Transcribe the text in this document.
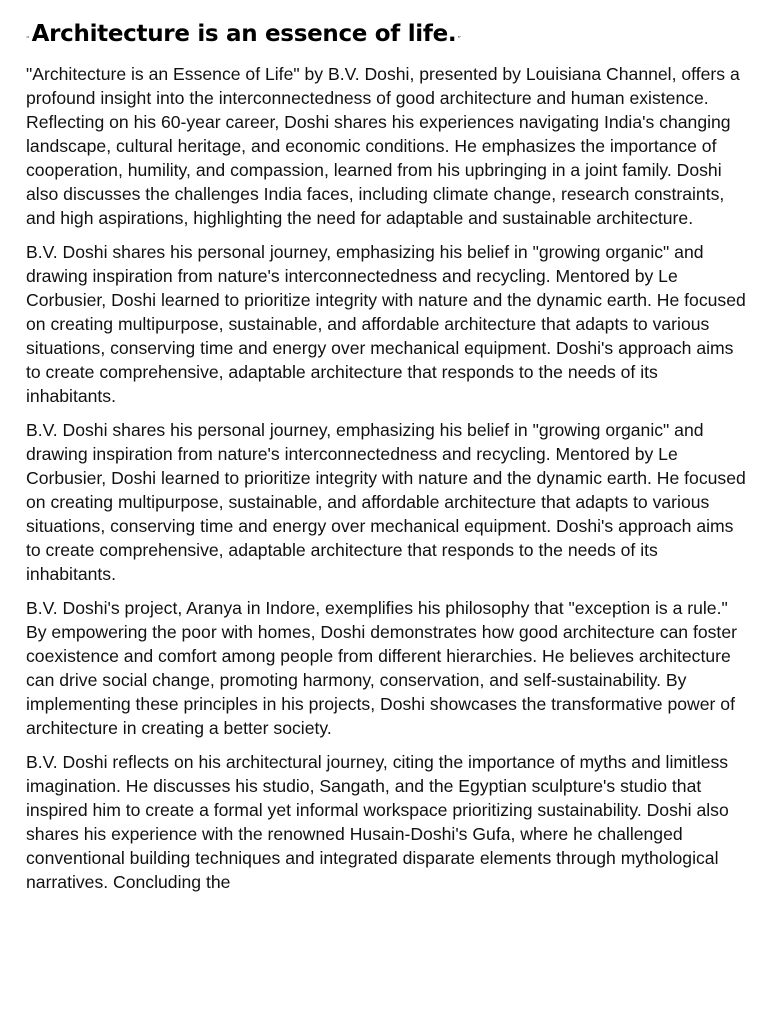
“ Architecture is an essence of life. ”

"Architecture is an Essence of Life" by B.V. Doshi, presented by Louisiana Channel, offers a profound insight into the interconnectedness of good architecture and human existence. Reflecting on his 60-year career, Doshi shares his experiences navigating India's changing landscape, cultural heritage, and economic conditions. He emphasizes the importance of cooperation, humility, and compassion, learned from his upbringing in a joint family. Doshi also discusses the challenges India faces, including climate change, research constraints, and high aspirations, highlighting the need for adaptable and sustainable architecture.

B.V. Doshi shares his personal journey, emphasizing his belief in "growing organic" and drawing inspiration from nature's interconnectedness and recycling. Mentored by Le Corbusier, Doshi learned to prioritize integrity with nature and the dynamic earth. He focused on creating multipurpose, sustainable, and affordable architecture that adapts to various situations, conserving time and energy over mechanical equipment. Doshi's approach aims to create comprehensive, adaptable architecture that responds to the needs of its inhabitants.

B.V. Doshi shares his personal journey, emphasizing his belief in "growing organic" and drawing inspiration from nature's interconnectedness and recycling. Mentored by Le Corbusier, Doshi learned to prioritize integrity with nature and the dynamic earth. He focused on creating multipurpose, sustainable, and affordable architecture that adapts to various situations, conserving time and energy over mechanical equipment. Doshi's approach aims to create comprehensive, adaptable architecture that responds to the needs of its inhabitants.

B.V. Doshi's project, Aranya in Indore, exemplifies his philosophy that "exception is a rule." By empowering the poor with homes, Doshi demonstrates how good architecture can foster coexistence and comfort among people from different hierarchies. He believes architecture can drive social change, promoting harmony, conservation, and self-sustainability. By implementing these principles in his projects, Doshi showcases the transformative power of architecture in creating a better society.

B.V. Doshi reflects on his architectural journey, citing the importance of myths and limitless imagination. He discusses his studio, Sangath, and the Egyptian sculpture's studio that inspired him to create a formal yet informal workspace prioritizing sustainability. Doshi also shares his experience with the renowned Husain-Doshi's Gufa, where he challenged conventional building techniques and integrated disparate elements through mythological narratives. Concluding the
